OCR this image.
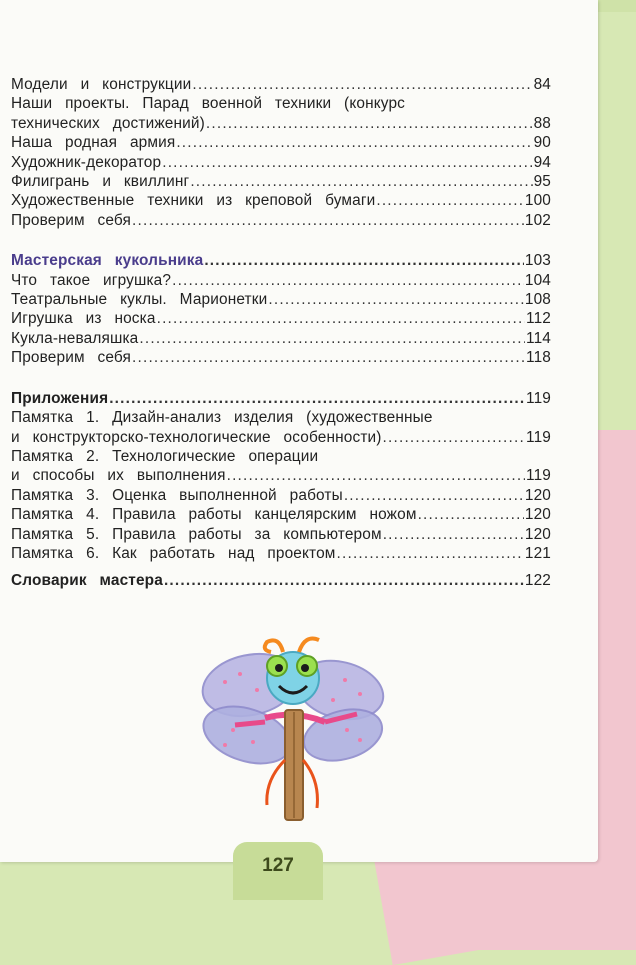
Модели  и  конструкции .....	84
Наши  проекты.  Парад  военной  техники  (конкурс
технических  достижений) .....	88
Наша  родная  армия .....	90
Художник-декоратор .....	94
Филигрань  и  квиллинг .....	95
Художественные  техники  из  креповой  бумаги .....	100
Проверим  себя .....	102
Мастерская  кукольника .....	103
Что  такое  игрушка? .....	104
Театральные  куклы.  Марионетки .....	108
Игрушка  из  носка .....	112
Кукла-неваляшка .....	114
Проверим  себя .....	118
Приложения .....	119
Памятка  1.  Дизайн-анализ  изделия  (художественные
и  конструкторско-технологические  особенности) .....	119
Памятка  2.  Технологические  операции
и  способы  их  выполнения .....	119
Памятка  3.  Оценка  выполненной  работы .....	120
Памятка  4.  Правила  работы  канцелярским  ножом .....	120
Памятка  5.  Правила  работы  за  компьютером .....	120
Памятка  6.  Как  работать  над  проектом .....	121
Словарик  мастера .....	122
127
